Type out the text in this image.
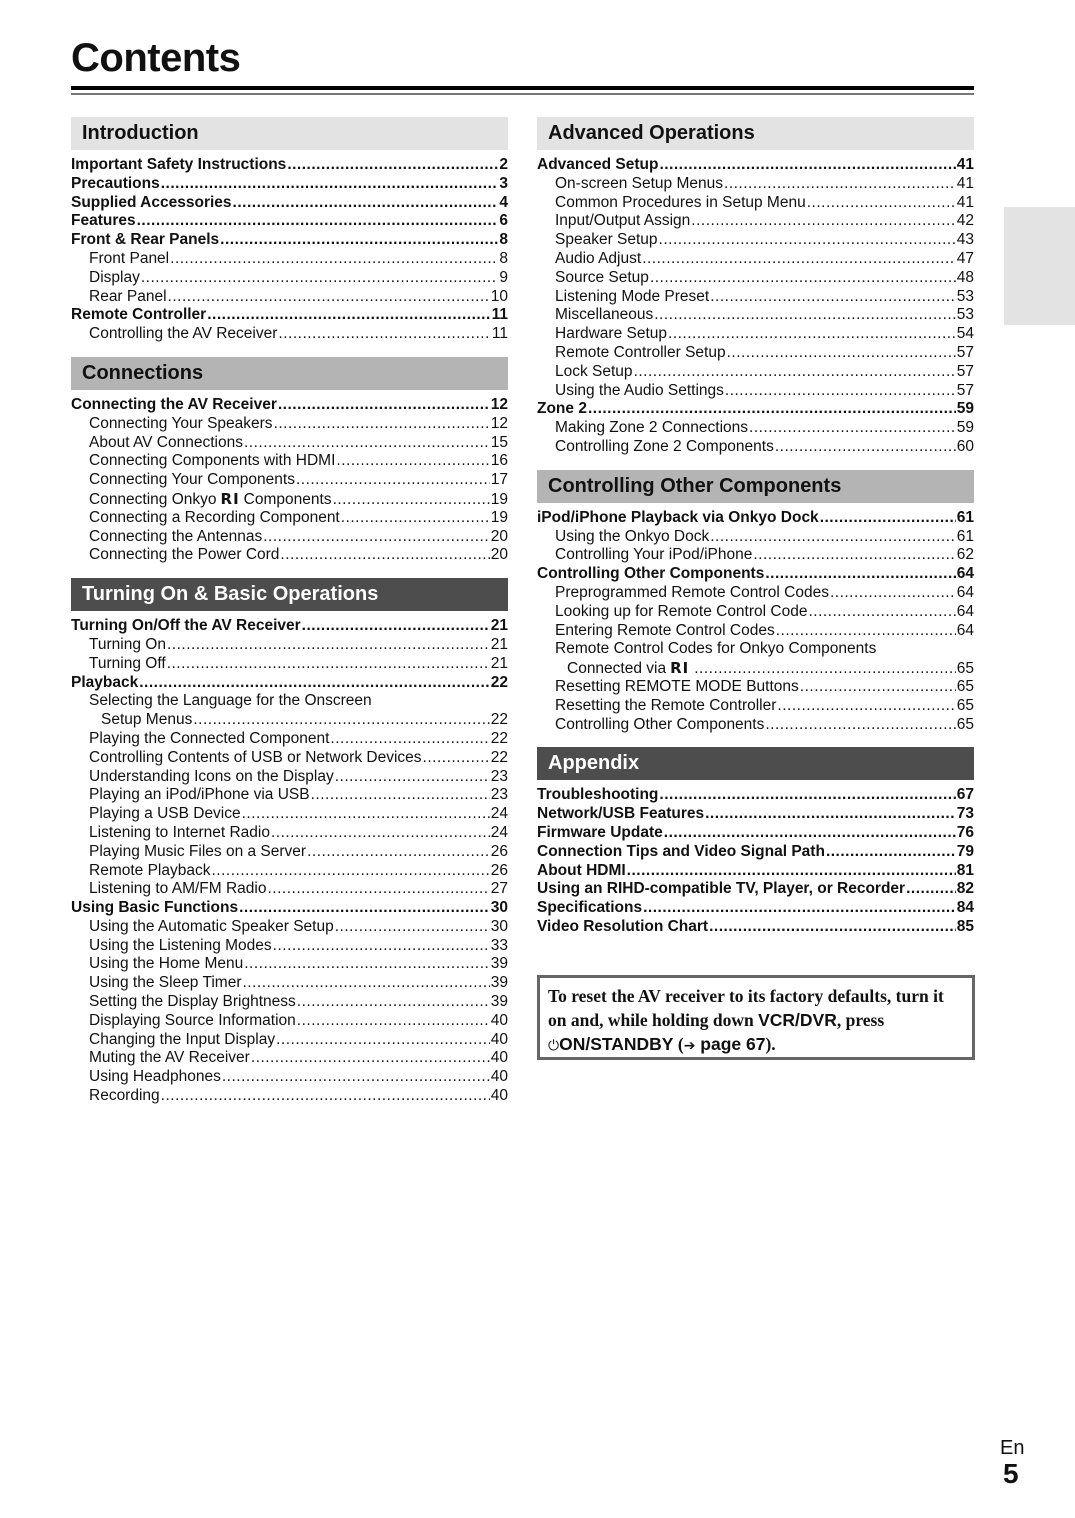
Contents
Introduction
Important Safety Instructions .....	2
Precautions .....	3
Supplied Accessories .....	4
Features .....	6
Front & Rear Panels .....	8
Front Panel .....	8
Display .....	9
Rear Panel .....	10
Remote Controller .....	11
Controlling the AV Receiver .....	11
Connections
Connecting the AV Receiver .....	12
Connecting Your Speakers .....	12
About AV Connections .....	15
Connecting Components with HDMI .....	16
Connecting Your Components .....	17
Connecting Onkyo RI Components .....	19
Connecting a Recording Component .....	19
Connecting the Antennas .....	20
Connecting the Power Cord .....	20
Turning On & Basic Operations
Turning On/Off the AV Receiver .....	21
Turning On .....	21
Turning Off .....	21
Playback .....	22
Selecting the Language for the Onscreen
Setup Menus .....	22
Playing the Connected Component .....	22
Controlling Contents of USB or Network Devices .....	22
Understanding Icons on the Display .....	23
Playing an iPod/iPhone via USB .....	23
Playing a USB Device .....	24
Listening to Internet Radio .....	24
Playing Music Files on a Server .....	26
Remote Playback .....	26
Listening to AM/FM Radio .....	27
Using Basic Functions .....	30
Using the Automatic Speaker Setup .....	30
Using the Listening Modes .....	33
Using the Home Menu .....	39
Using the Sleep Timer .....	39
Setting the Display Brightness .....	39
Displaying Source Information .....	40
Changing the Input Display .....	40
Muting the AV Receiver .....	40
Using Headphones .....	40
Recording .....	40
Advanced Operations
Advanced Setup .....	41
On-screen Setup Menus .....	41
Common Procedures in Setup Menu .....	41
Input/Output Assign .....	42
Speaker Setup .....	43
Audio Adjust .....	47
Source Setup .....	48
Listening Mode Preset .....	53
Miscellaneous .....	53
Hardware Setup .....	54
Remote Controller Setup .....	57
Lock Setup .....	57
Using the Audio Settings .....	57
Zone 2 .....	59
Making Zone 2 Connections .....	59
Controlling Zone 2 Components .....	60
Controlling Other Components
iPod/iPhone Playback via Onkyo Dock .....	61
Using the Onkyo Dock .....	61
Controlling Your iPod/iPhone .....	62
Controlling Other Components .....	64
Preprogrammed Remote Control Codes .....	64
Looking up for Remote Control Code .....	64
Entering Remote Control Codes .....	64
Remote Control Codes for Onkyo Components
Connected via RI .....	65
Resetting REMOTE MODE Buttons .....	65
Resetting the Remote Controller .....	65
Controlling Other Components .....	65
Appendix
Troubleshooting .....	67
Network/USB Features .....	73
Firmware Update .....	76
Connection Tips and Video Signal Path .....	79
About HDMI .....	81
Using an RIHD-compatible TV, Player, or Recorder .....	82
Specifications .....	84
Video Resolution Chart .....	85
To reset the AV receiver to its factory defaults, turn it on and, while holding down VCR/DVR, press ⏻ON/STANDBY (➔ page 67).
En
5
